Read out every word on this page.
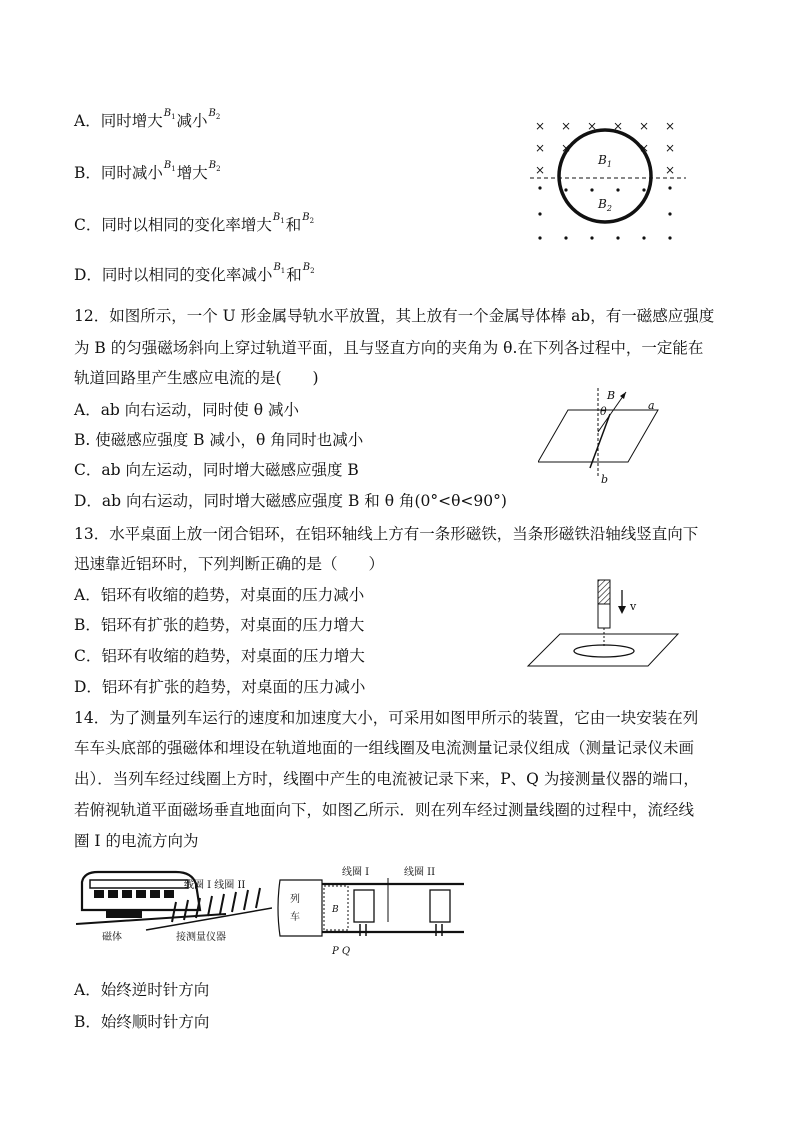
A．同时增大$^{B_1}$减小$^{B_2}$
B．同时减小$^{B_1}$增大$^{B_2}$
C．同时以相同的变化率增大$^{B_1}$和$^{B_2}$
D．同时以相同的变化率减小$^{B_1}$和$^{B_2}$
× × × × × ×
× ×	× ×
×	×
$B_1$
$B_2$
12．如图所示，一个 U 形金属导轨水平放置，其上放有一个金属导体棒 ab，有一磁感应强度
为 B 的匀强磁场斜向上穿过轨道平面，且与竖直方向的夹角为 θ.在下列各过程中，一定能在
轨道回路里产生感应电流的是(　　)
A．ab 向右运动，同时使 θ 减小
B. 使磁感应强度 B 减小，θ 角同时也减小
C．ab 向左运动，同时增大磁感应强度 B
D．ab 向右运动，同时增大磁感应强度 B 和 θ 角(0°<θ<90°)
B
θ	a
b
13．水平桌面上放一闭合铝环，在铝环轴线上方有一条形磁铁，当条形磁铁沿轴线竖直向下
迅速靠近铝环时，下列判断正确的是（　　）
A．铝环有收缩的趋势，对桌面的压力减小
B．铝环有扩张的趋势，对桌面的压力增大
C．铝环有收缩的趋势，对桌面的压力增大
D．铝环有扩张的趋势，对桌面的压力减小
v
14．为了测量列车运行的速度和加速度大小，可采用如图甲所示的装置，它由一块安装在列
车车头底部的强磁体和埋设在轨道地面的一组线圈及电流测量记录仪组成（测量记录仪未画
出）．当列车经过线圈上方时，线圈中产生的电流被记录下来，P、Q 为接测量仪器的端口，
若俯视轨道平面磁场垂直地面向下，如图乙所示．则在列车经过测量线圈的过程中，流经线
圈 I 的电流方向为
线圈 I 线圈 II
磁体	接测量仪器
线圈 I	线圈 II
列
车
B
P Q
A．始终逆时针方向
B．始终顺时针方向
